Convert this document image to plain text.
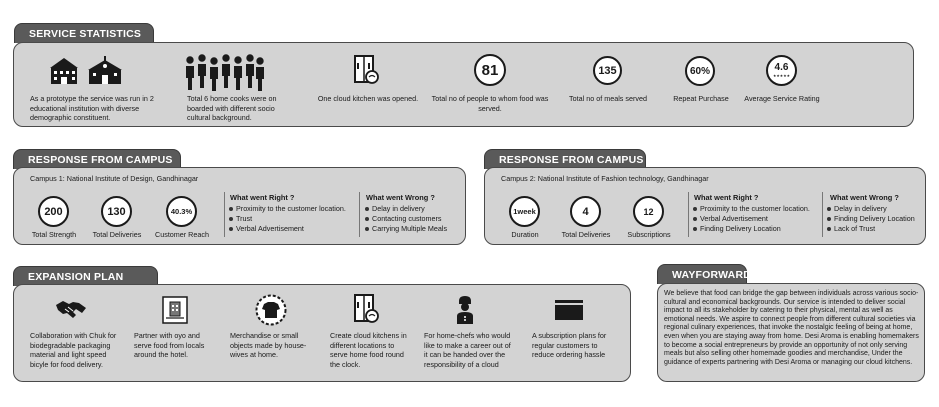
SERVICE STATISTICS
As a prototype the service was run in 2 educational institution with diverse demographic constituent.
Total 6 home cooks were on boarded with different socio cultural background.
One cloud kitchen was opened.
81
Total no of people to whom food was served.
135
Total no of meals served
60%
Repeat Purchase
4.6
★★★★★
Average Service Rating
RESPONSE FROM CAMPUS
Campus 1: National Institute of Design, Gandhinagar
200
Total Strength
130
Total Deliveries
40.3%
Customer Reach
What went Right ?
Proximity to the customer location.
Trust
Verbal Advertisement
What went Wrong ?
Delay in delivery
Contacting customers
Carrying Multiple Meals
RESPONSE FROM CAMPUS
Campus 2: National Institute of Fashion technology, Gandhinagar
1week
Duration
4
Total Deliveries
12
Subscriptions
What went Right ?
Proximity to the customer location.
Verbal Advertisement
Finding Delivery Location
What went Wrong ?
Delay in delivery
Finding Delivery Location
Lack of Trust
EXPANSION PLAN
Collaboration with Chuk for biodegradable packaging material and light speed bicyle for food delivery.
Partner with oyo and serve food from locals around the hotel.
Merchandise or small objects made by house-wives at home.
Create cloud kitchens in different locations to serve home food round the clock.
For home-chefs who would like to make a career out of it can be handed over the responsibility of a cloud
A subscription plans for regular customers to reduce ordering hassle
WAYFORWARD
We believe that food can bridge the gap between individuals across various socio-cultural and economical backgrounds. Our service is intended to deliver social impact to all its stakeholder by catering to their physical, mental as well as emotional needs. We aspire to connect people from different cultural societies via regional culinary experiences, that invoke the nostalgic feeling of being at home, even when you are staying away from home. Desi Aroma is enabling homemakers to become a social entrepreneurs by provide an opportunity of not only serving meals but also selling other homemade goodies and merchandise, Under the guidance of experts partnering with Desi Aroma or managing our cloud kitchens.
